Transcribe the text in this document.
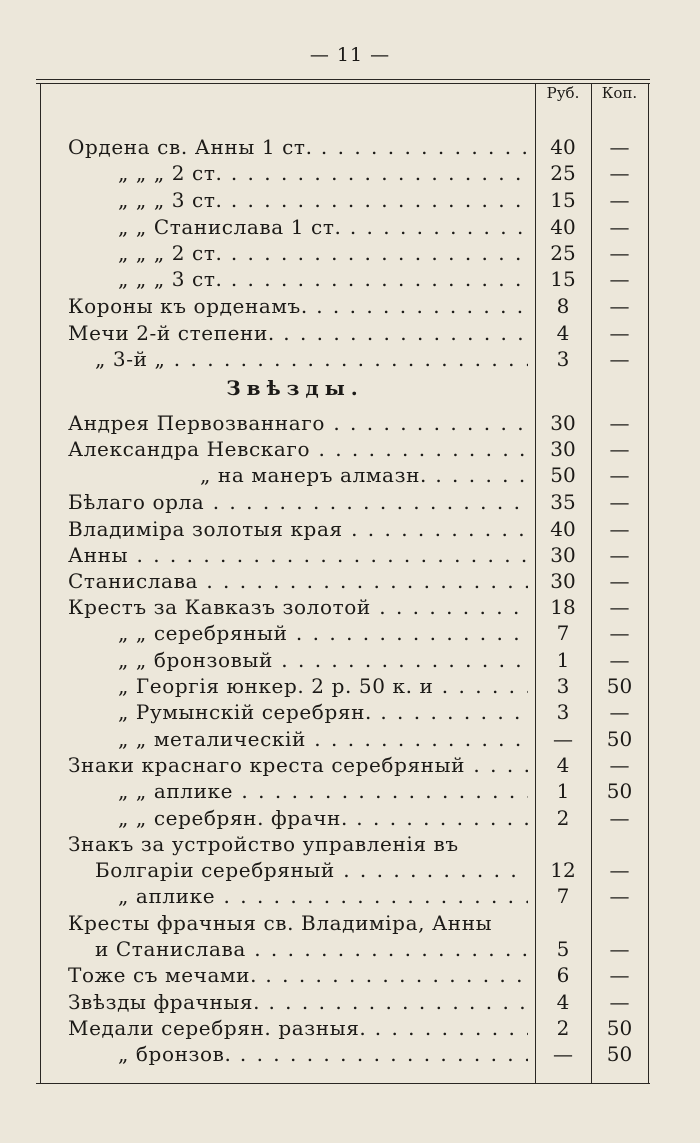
— 11 —
Руб.	Коп.
Звѣзды.
Ордена св. Анны 1 ст. . . .	40	—
„ „ „ 2 ст. . . .	25	—
„ „ „ 3 ст. . . .	15	—
„ „ Станислава 1 ст. . . .	40	—
„ „ „ 2 ст. . . .	25	—
„ „ „ 3 ст. . . .	15	—
Короны къ орденамъ. . . .	8	—
Мечи 2-й степени. . . .	4	—
„ 3-й „ . . .	3	—
Андрея Первозваннаго . . .	30	—
Александра Невскаго . . .	30	—
„ на манеръ алмазн. . . .	50	—
Бѣлаго орла . . .	35	—
Владиміра золотыя края . . .	40	—
Анны . . .	30	—
Станислава . . .	30	—
Крестъ за Кавказъ золотой . . .	18	—
„ „ серебряный . . .	7	—
„ „ бронзовый . . .	1	—
„ Георгія юнкер. 2 р. 50 к. и . . .	3	50
„ Румынскій серебрян. . . .	3	—
„ „ металическій . . .	—	50
Знаки краснаго креста серебряный . . .	4	—
„ „ аплике . . .	1	50
„ „ серебрян. фрачн. . . .	2	—
Знакъ за устройство управленія въ
Болгаріи серебряный . . .	12	—
„ аплике . . .	7	—
Кресты фрачныя св. Владиміра, Анны
и Станислава . . .	5	—
Тоже съ мечами. . . .	6	—
Звѣзды фрачныя. . . .	4	—
Медали серебрян. разныя. . . .	2	50
„ бронзов. . . .	—	50
